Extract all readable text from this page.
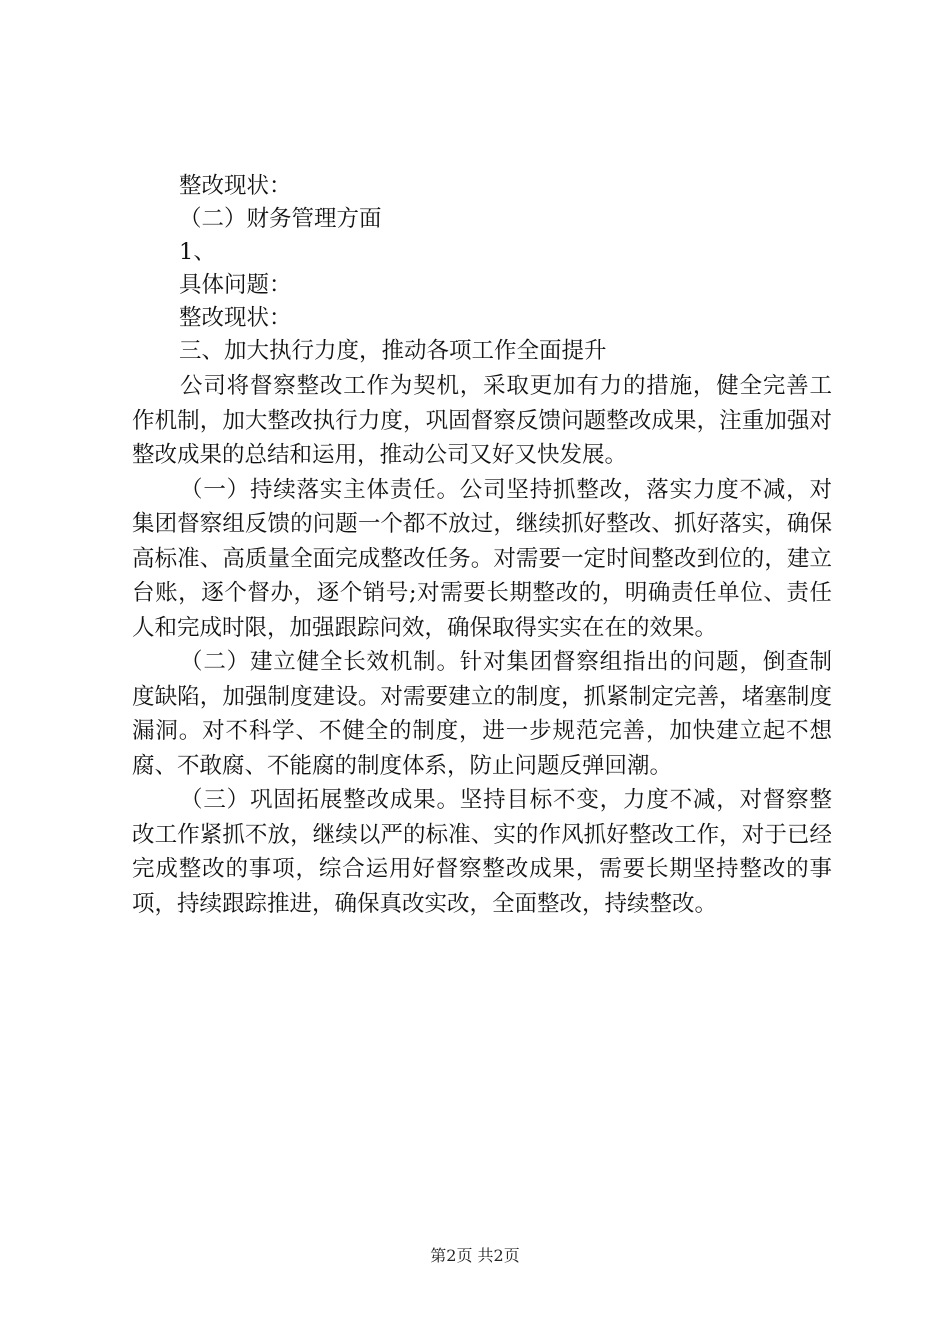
整改现状：
（二）财务管理方面
1、
具体问题：
整改现状：
三、加大执行力度，推动各项工作全面提升

公司将督察整改工作为契机，采取更加有力的措施，健全完善工作机制，加大整改执行力度，巩固督察反馈问题整改成果，注重加强对整改成果的总结和运用，推动公司又好又快发展。

（一）持续落实主体责任。公司坚持抓整改，落实力度不减，对集团督察组反馈的问题一个都不放过，继续抓好整改、抓好落实，确保高标准、高质量全面完成整改任务。对需要一定时间整改到位的，建立台账，逐个督办，逐个销号;对需要长期整改的，明确责任单位、责任人和完成时限，加强跟踪问效，确保取得实实在在的效果。

（二）建立健全长效机制。针对集团督察组指出的问题，倒查制度缺陷，加强制度建设。对需要建立的制度，抓紧制定完善，堵塞制度漏洞。对不科学、不健全的制度，进一步规范完善，加快建立起不想腐、不敢腐、不能腐的制度体系，防止问题反弹回潮。

（三）巩固拓展整改成果。坚持目标不变，力度不减，对督察整改工作紧抓不放，继续以严的标准、实的作风抓好整改工作，对于已经完成整改的事项，综合运用好督察整改成果，需要长期坚持整改的事项，持续跟踪推进，确保真改实改，全面整改，持续整改。

第2页 共2页
